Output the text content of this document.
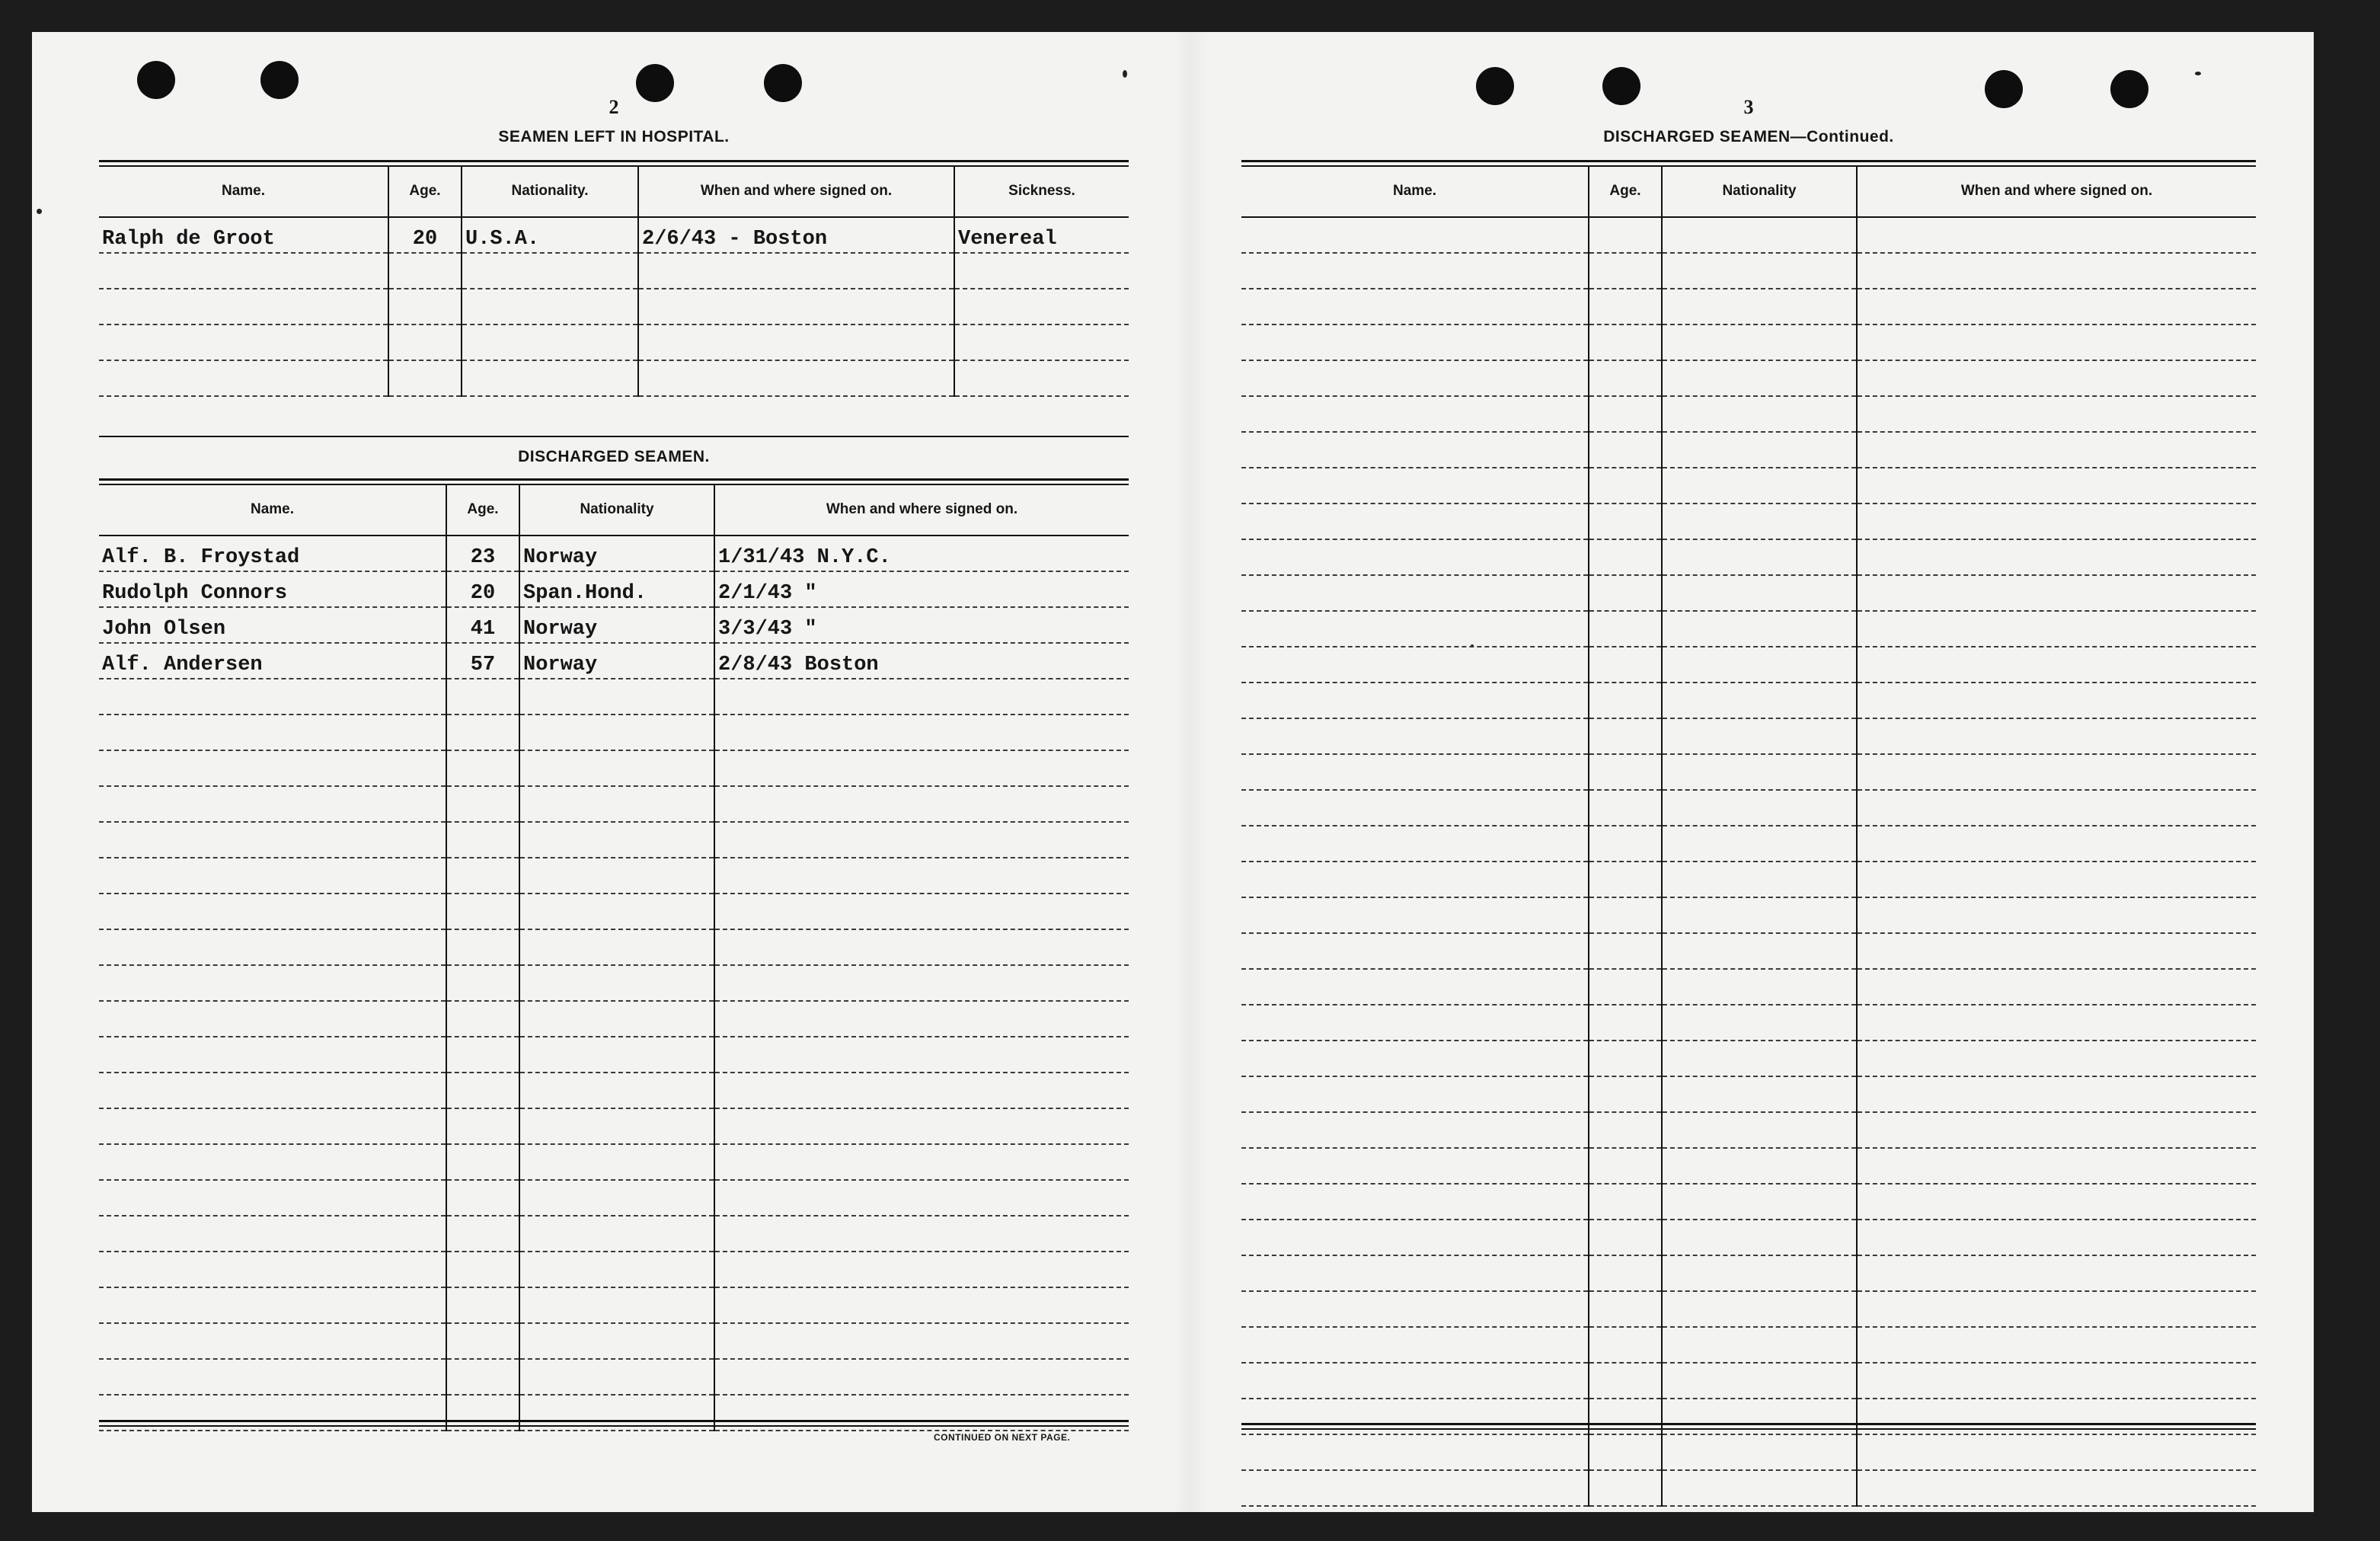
2
SEAMEN LEFT IN HOSPITAL.
Name.	Age.	Nationality.	When and where signed on.	Sickness.
Ralph de Groot	20	U.S.A.	2/6/43 - Boston	Venereal

DISCHARGED SEAMEN.
Name.	Age.	Nationality	When and where signed on.
Alf. B. Froystad	23	Norway	1/31/43 N.Y.C.
Rudolph Connors	20	Span.Hond.	2/1/43 "
John Olsen	41	Norway	3/3/43 "
Alf. Andersen	57	Norway	2/8/43 Boston

CONTINUED ON NEXT PAGE.
3
DISCHARGED SEAMEN—Continued.
Name.	Age.	Nationality	When and where signed on.
